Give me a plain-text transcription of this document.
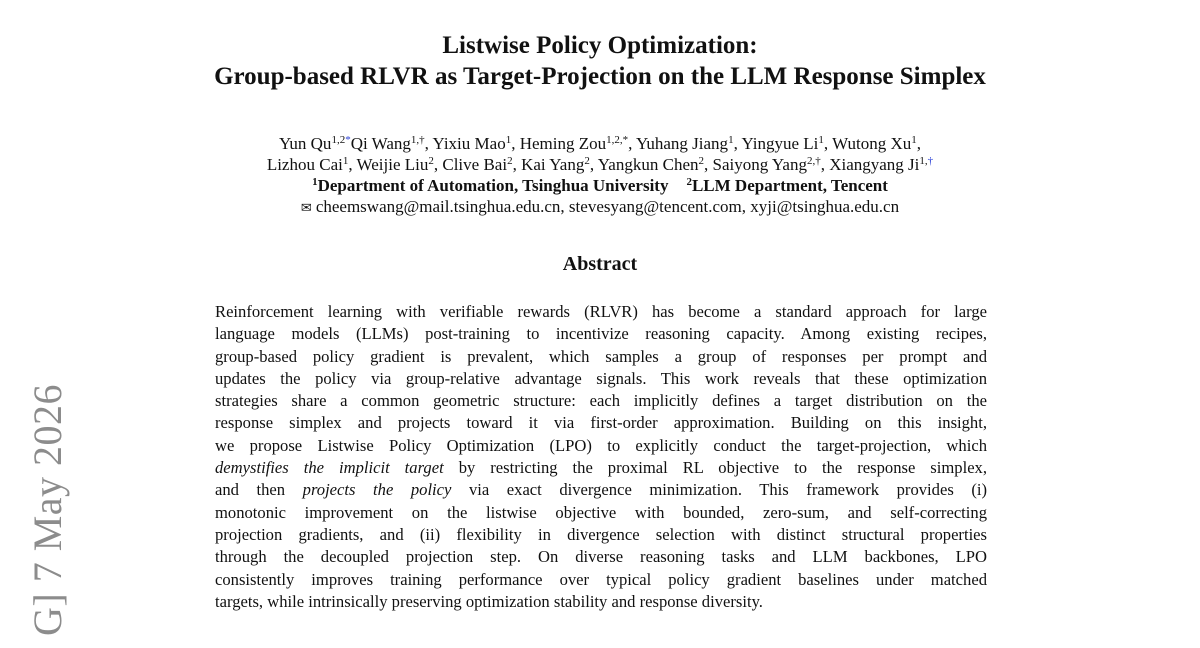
G] 7 May 2026
Listwise Policy Optimization:
Group-based RLVR as Target-Projection on the LLM Response Simplex
Yun $Qu^{1,2*}Qi$ Wang$^{1,\dagger}$, Yixiu Mao$^1$, Heming Zou$^{1,2,*}$, Yuhang Jiang$^1$, Yingyue Li$^1$, Wutong Xu$^1$,
Lizhou Cai$^1$, Weijie Liu$^2$, Clive Bai$^2$, Kai Yang$^2$, Yangkun Chen$^2$, Saiyong Yang$^{2,\dagger}$, Xiangyang $Ji^{1,\dagger}$
$^1$Department of Automation, Tsinghua University $^2$LLM Department, Tencent
✉ cheemswang@mail.tsinghua.edu.cn, stevesyang@tencent.com, xyji@tsinghua.edu.cn
Abstract
Reinforcement learning with verifiable rewards (RLVR) has become a standard approach for large
language models (LLMs) post-training to incentivize reasoning capacity. Among existing recipes,
group-based policy gradient is prevalent, which samples a group of responses per prompt and
updates the policy via group-relative advantage signals. This work reveals that these optimization
strategies share a common geometric structure: each implicitly defines a target distribution on the
response simplex and projects toward it via first-order approximation. Building on this insight,
we propose Listwise Policy Optimization (LPO) to explicitly conduct the target-projection, which
demystifies the implicit target by restricting the proximal RL objective to the response simplex,
and then projects the policy via exact divergence minimization. This framework provides (i)
monotonic improvement on the listwise objective with bounded, zero-sum, and self-correcting
projection gradients, and (ii) flexibility in divergence selection with distinct structural properties
through the decoupled projection step. On diverse reasoning tasks and LLM backbones, LPO
consistently improves training performance over typical policy gradient baselines under matched
targets, while intrinsically preserving optimization stability and response diversity.
